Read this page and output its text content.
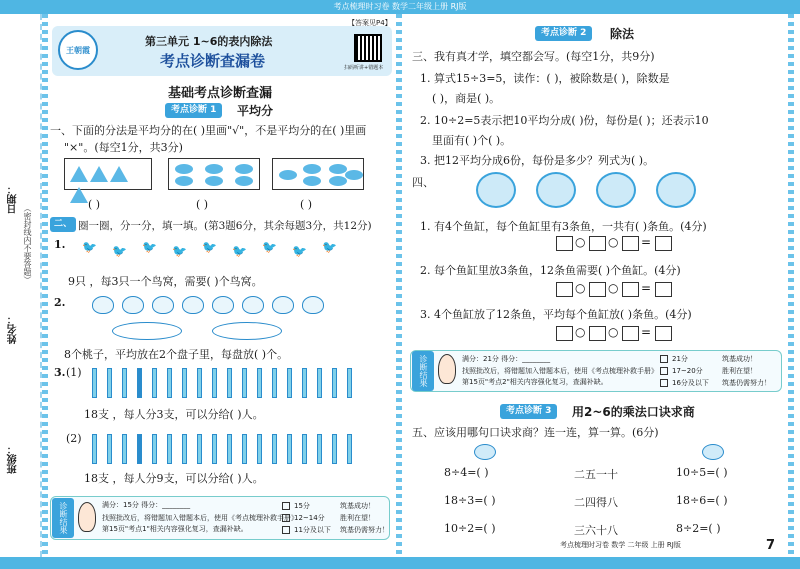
考点梳理时习卷 数学二年级上册 RJ版
日期：
姓名：
班级：
（密封线内不要答题）
王朝霞
第三单元 1~6的表内除法
考点诊断查漏卷
【答案见P4】
扫码听讲+错题本
基础考点诊断查漏
考点诊断 1	平均分
一、下面的分法是平均分的在( )里画"√"，不是平均分的在( )里画
"×"。(每空1分，共3分)
( )	( )	( )
二、 圈一圈，分一分，填一填。(第3题6分，其余每题3分，共12分)
1. 🐦 🐦 🐦 🐦 🐦 🐦 🐦 🐦 🐦
9只 ，每3只一个鸟窝，需要( )个鸟窝。
2.
8个桃子，平均放在2个盘子里，每盘放( )个。
3. (1)
18支 ，每人分3支，可以分给( )人。
(2)
18支 ，每人分9支，可以分给( )人。
诊断结果	满分：15分 得分：________
找照批改后，将错题加入错题本后，使用《考点梳理补救手册》
第15页"考点1"相关内容强化复习，查漏补缺。
15分
12~14分
11分及以下
筑基成功！
胜利在望！
筑基仍需努力！
考点诊断 2	除法
三、我有真才学，填空都会写。(每空1分，共9分)
1. 算式15÷3=5，读作：( )，被除数是( )，除数是
( )，商是( )。
2. 10÷2=5表示把10平均分成( )份，每份是( )；还表示10
里面有( )个( )。
3. 把12平均分成6份，每份是多少？列式为( )。
四、
1. 有4个鱼缸，每个鱼缸里有3条鱼，一共有( )条鱼。(4分)
2. 每个鱼缸里放3条鱼，12条鱼需要( )个鱼缸。(4分)
3. 4个鱼缸放了12条鱼，平均每个鱼缸放( )条鱼。(4分)
诊断结果	满分：21分 得分：________
找照批改后，将错题加入错题本后，使用《考点梳理补救手册》
第15页"考点2"相关内容强化复习，查漏补缺。
21分
17~20分
16分及以下
筑基成功！
胜利在望！
筑基仍需努力！
考点诊断 3	用2~6的乘法口诀求商
五、应该用哪句口诀求商？连一连，算一算。(6分)
8÷4=( )
18÷3=( )
10÷2=( )
二五一十
二四得八
三六十八
10÷5=( )
18÷6=( )
8÷2=( )
考点梳理时习卷 数学 二年级 上册 RJ版	7
○ ○ =
○ ○ =
○ ○ =
